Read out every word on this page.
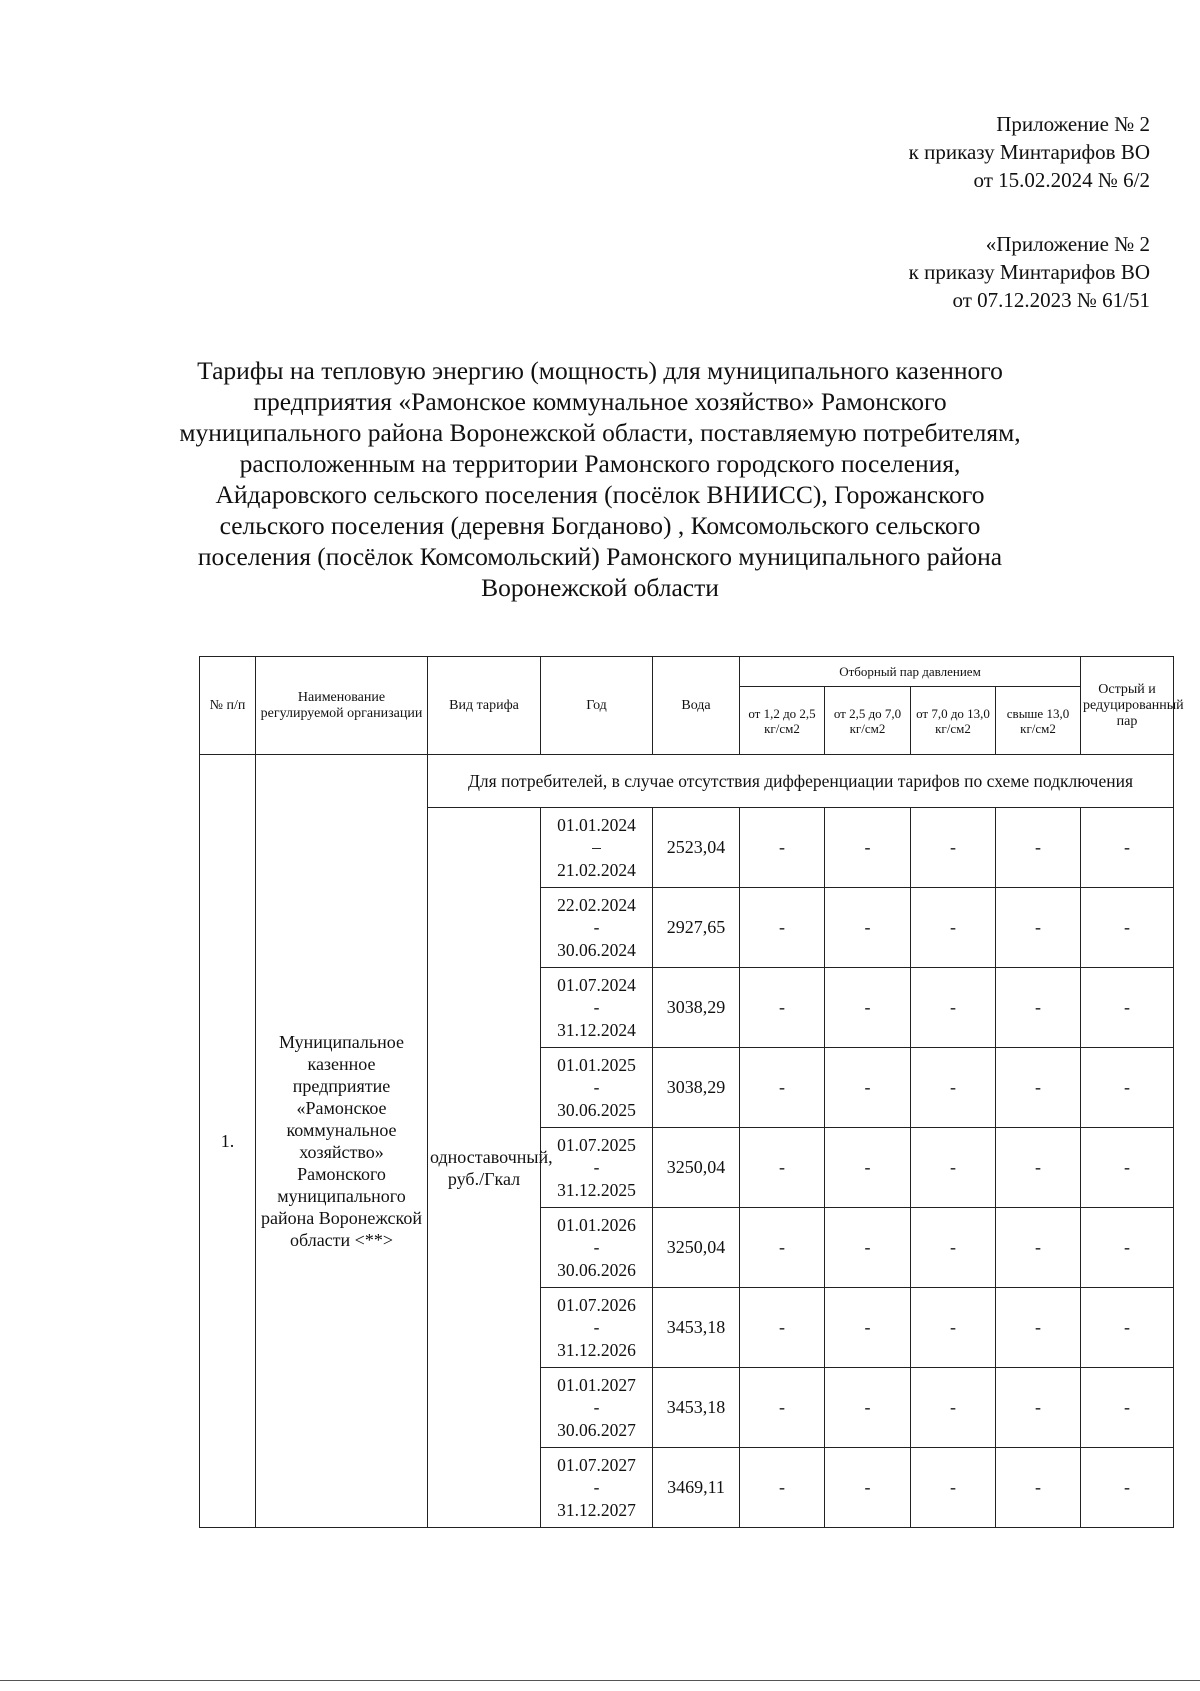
Приложение № 2
к приказу Минтарифов ВО
от 15.02.2024 № 6/2
«Приложение № 2
к приказу Минтарифов ВО
от 07.12.2023 № 61/51
Тарифы на тепловую энергию (мощность) для муниципального казенного
предприятия «Рамонское коммунальное хозяйство» Рамонского
муниципального района Воронежской области, поставляемую потребителям,
расположенным на территории Рамонского городского поселения,
Айдаровского сельского поселения (посёлок ВНИИСС), Горожанского
сельского поселения (деревня Богданово) , Комсомольского сельского
поселения (посёлок Комсомольский) Рамонского муниципального района
Воронежской области
№ п/п	Наименование регулируемой организации	Вид тарифа	Год	Вода	Отборный пар давлением				Острый и редуцированный пар
					от 1,2 до 2,5 кг/см2	от 2,5 до 7,0 кг/см2	от 7,0 до 13,0 кг/см2	свыше 13,0 кг/см2	
1.	Муниципальное казенное предприятие «Рамонское коммунальное хозяйство» Рамонского муниципального района Воронежской области <**>	Для потребителей, в случае отсутствия дифференциации тарифов по схеме подключения							
		одноставочный, руб./Гкал							

			01.01.2024
–
21.02.2024	2523,04	-	-	-	-	-

			22.02.2024
-
30.06.2024	2927,65	-	-	-	-	-

			01.07.2024
-
31.12.2024	3038,29	-	-	-	-	-

			01.01.2025
-
30.06.2025	3038,29	-	-	-	-	-

			01.07.2025
-
31.12.2025	3250,04	-	-	-	-	-

			01.01.2026
-
30.06.2026	3250,04	-	-	-	-	-

			01.07.2026
-
31.12.2026	3453,18	-	-	-	-	-

			01.01.2027
-
30.06.2027	3453,18	-	-	-	-	-

			01.07.2027
-
31.12.2027	3469,11	-	-	-	-	-
